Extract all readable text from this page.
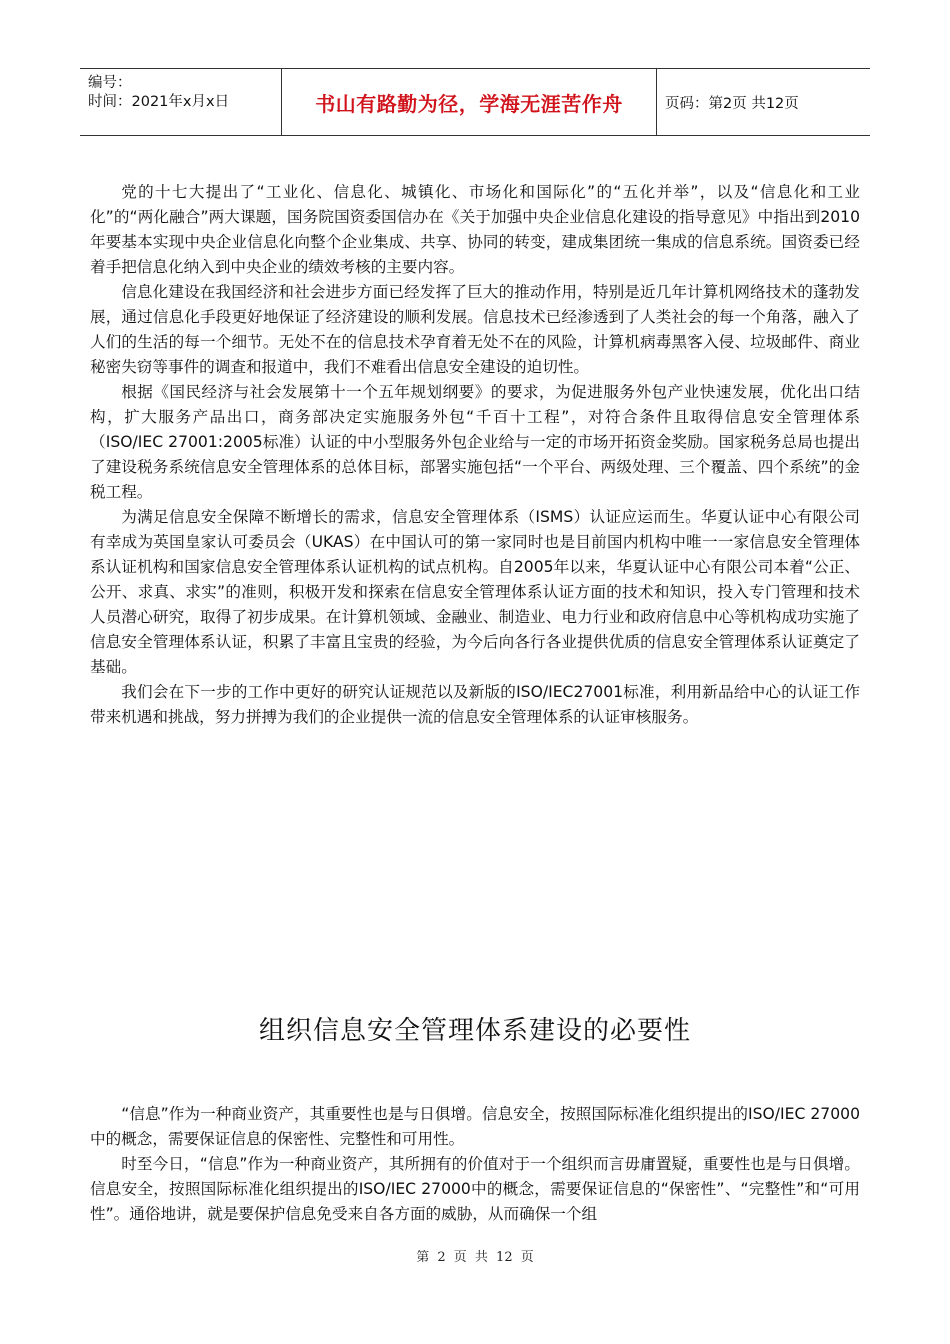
编号：
时间：2021年x月x日	书山有路勤为径，学海无涯苦作舟	页码：第2页 共12页

党的十七大提出了“工业化、信息化、城镇化、市场化和国际化”的“五化并举”，以及“信息化和工业化”的“两化融合”两大课题，国务院国资委国信办在《关于加强中央企业信息化建设的指导意见》中指出到2010年要基本实现中央企业信息化向整个企业集成、共享、协同的转变，建成集团统一集成的信息系统。国资委已经着手把信息化纳入到中央企业的绩效考核的主要内容。

信息化建设在我国经济和社会进步方面已经发挥了巨大的推动作用，特别是近几年计算机网络技术的蓬勃发展，通过信息化手段更好地保证了经济建设的顺利发展。信息技术已经渗透到了人类社会的每一个角落，融入了人们的生活的每一个细节。无处不在的信息技术孕育着无处不在的风险，计算机病毒黑客入侵、垃圾邮件、商业秘密失窃等事件的调查和报道中，我们不难看出信息安全建设的迫切性。

根据《国民经济与社会发展第十一个五年规划纲要》的要求，为促进服务外包产业快速发展，优化出口结构，扩大服务产品出口，商务部决定实施服务外包“千百十工程”，对符合条件且取得信息安全管理体系（ISO/IEC 27001:2005标准）认证的中小型服务外包企业给与一定的市场开拓资金奖励。国家税务总局也提出了建设税务系统信息安全管理体系的总体目标，部署实施包括“一个平台、两级处理、三个覆盖、四个系统”的金税工程。

为满足信息安全保障不断增长的需求，信息安全管理体系（ISMS）认证应运而生。华夏认证中心有限公司有幸成为英国皇家认可委员会（UKAS）在中国认可的第一家同时也是目前国内机构中唯一一家信息安全管理体系认证机构和国家信息安全管理体系认证机构的试点机构。自2005年以来，华夏认证中心有限公司本着“公正、公开、求真、求实”的准则，积极开发和探索在信息安全管理体系认证方面的技术和知识，投入专门管理和技术人员潜心研究，取得了初步成果。在计算机领域、金融业、制造业、电力行业和政府信息中心等机构成功实施了信息安全管理体系认证，积累了丰富且宝贵的经验，为今后向各行各业提供优质的信息安全管理体系认证奠定了基础。

我们会在下一步的工作中更好的研究认证规范以及新版的ISO/IEC27001标准，利用新品给中心的认证工作带来机遇和挑战，努力拼搏为我们的企业提供一流的信息安全管理体系的认证审核服务。

组织信息安全管理体系建设的必要性

“信息”作为一种商业资产，其重要性也是与日俱增。信息安全，按照国际标准化组织提出的ISO/IEC 27000中的概念，需要保证信息的保密性、完整性和可用性。

时至今日，“信息”作为一种商业资产，其所拥有的价值对于一个组织而言毋庸置疑，重要性也是与日俱增。信息安全，按照国际标准化组织提出的ISO/IEC 27000中的概念，需要保证信息的“保密性”、“完整性”和“可用性”。通俗地讲，就是要保护信息免受来自各方面的威胁，从而确保一个组

第 2 页 共 12 页
